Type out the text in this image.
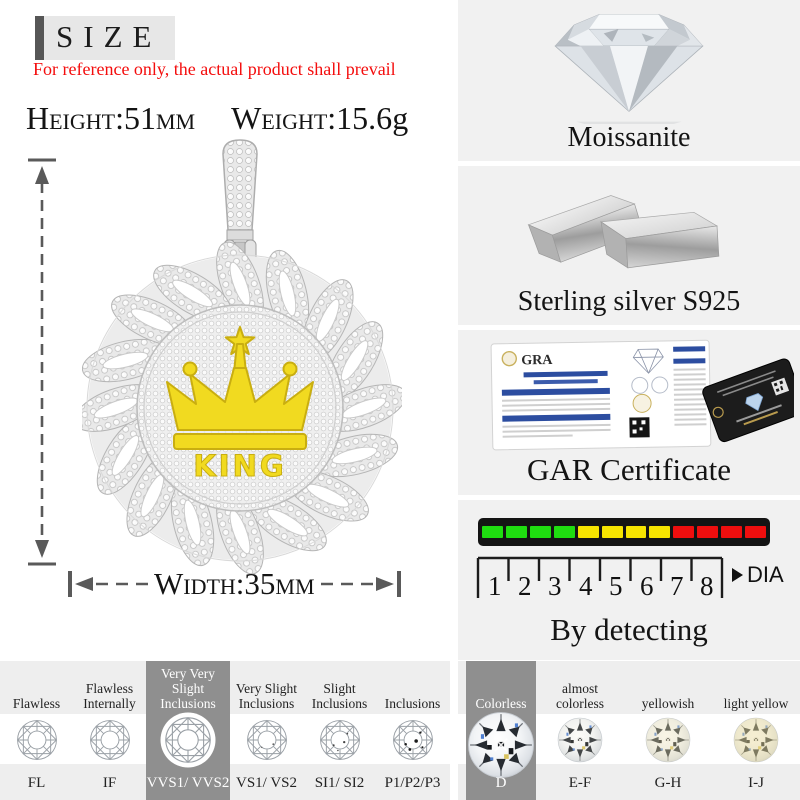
SIZE
For reference only, the actual product shall prevail
Height:51mm Weight:15.6g
KING
Width:35mm
Moissanite
Sterling silver S925
GRA
GAR Certificate
1 2 3 4 5 6 7 8 DIA
By detecting
Flawless
FL
Flawless Internally
IF
Very Very Slight Inclusions
VVS1/ VVS2
Very Slight Inclusions
VS1/ VS2
Slight Inclusions
SI1/ SI2
Inclusions
P1/P2/P3
Colorless
D
almost colorless
E-F
yellowish
G-H
light yellow
I-J
